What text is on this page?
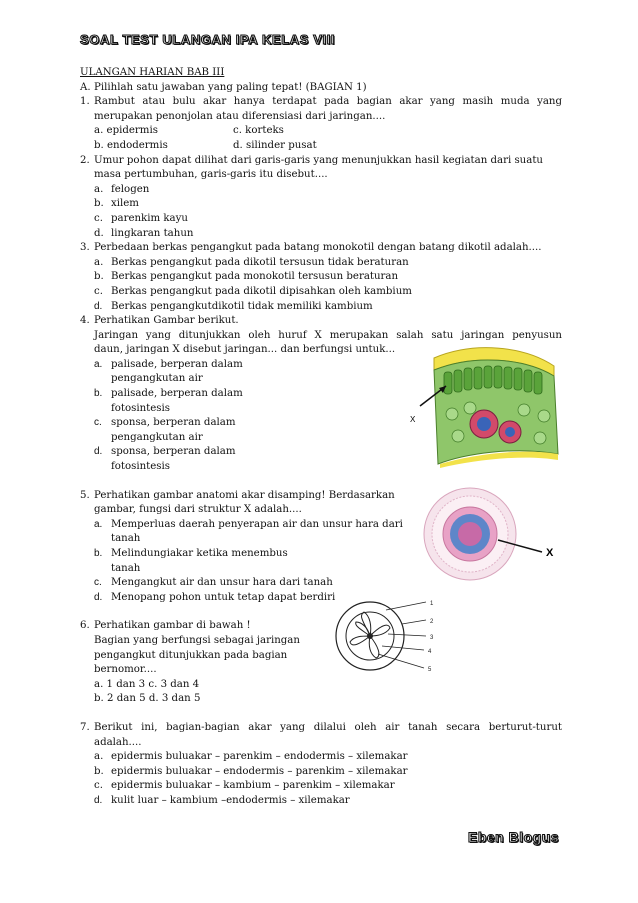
SOAL TEST ULANGAN IPA KELAS VIII
ULANGAN HARIAN BAB III
A. Pilihlah satu jawaban yang paling tepat! (BAGIAN 1)
1. Rambut atau bulu akar hanya terdapat pada bagian akar yang masih muda yang
merupakan penonjolan atau diferensiasi dari jaringan....
a. epidermis	c. korteks
b. endodermis	d. silinder pusat
2. Umur pohon dapat dilihat dari garis-garis yang menunjukkan hasil kegiatan dari suatu
masa pertumbuhan, garis-garis itu disebut....
a. felogen
b. xilem
c. parenkim kayu
d. lingkaran tahun
3. Perbedaan berkas pengangkut pada batang monokotil dengan batang dikotil adalah....
a. Berkas pengangkut pada dikotil tersusun tidak beraturan
b. Berkas pengangkut pada monokotil tersusun beraturan
c. Berkas pengangkut pada dikotil dipisahkan oleh kambium
d. Berkas pengangkutdikotil tidak memiliki kambium
4. Perhatikan Gambar berikut.
Jaringan yang ditunjukkan oleh huruf X merupakan salah satu jaringan penyusun
daun, jaringan X disebut jaringan... dan berfungsi untuk...
a. palisade, berperan dalam
pengangkutan air
b. palisade, berperan dalam
fotosintesis
c. sponsa, berperan dalam
pengangkutan air
d. sponsa, berperan dalam
fotosintesis
5. Perhatikan gambar anatomi akar disamping! Berdasarkan
gambar, fungsi dari struktur X adalah....
a. Memperluas daerah penyerapan air dan unsur hara dari
tanah
b. Melindungiakar ketika menembus
tanah
c. Mengangkut air dan unsur hara dari tanah
d. Menopang pohon untuk tetap dapat berdiri
6. Perhatikan gambar di bawah !
Bagian yang berfungsi sebagai jaringan
pengangkut ditunjukkan pada bagian
bernomor....
a. 1 dan 3 c. 3 dan 4
b. 2 dan 5 d. 3 dan 5
7. Berikut ini, bagian-bagian akar yang dilalui oleh air tanah secara berturut-turut
adalah....
a. epidermis buluakar – parenkim – endodermis – xilemakar
b. epidermis buluakar – endodermis – parenkim – xilemakar
c. epidermis buluakar – kambium – parenkim – xilemakar
d. kulit luar – kambium –endodermis – xilemakar
X
X
1
2
3
4
5
Eben Blogus
